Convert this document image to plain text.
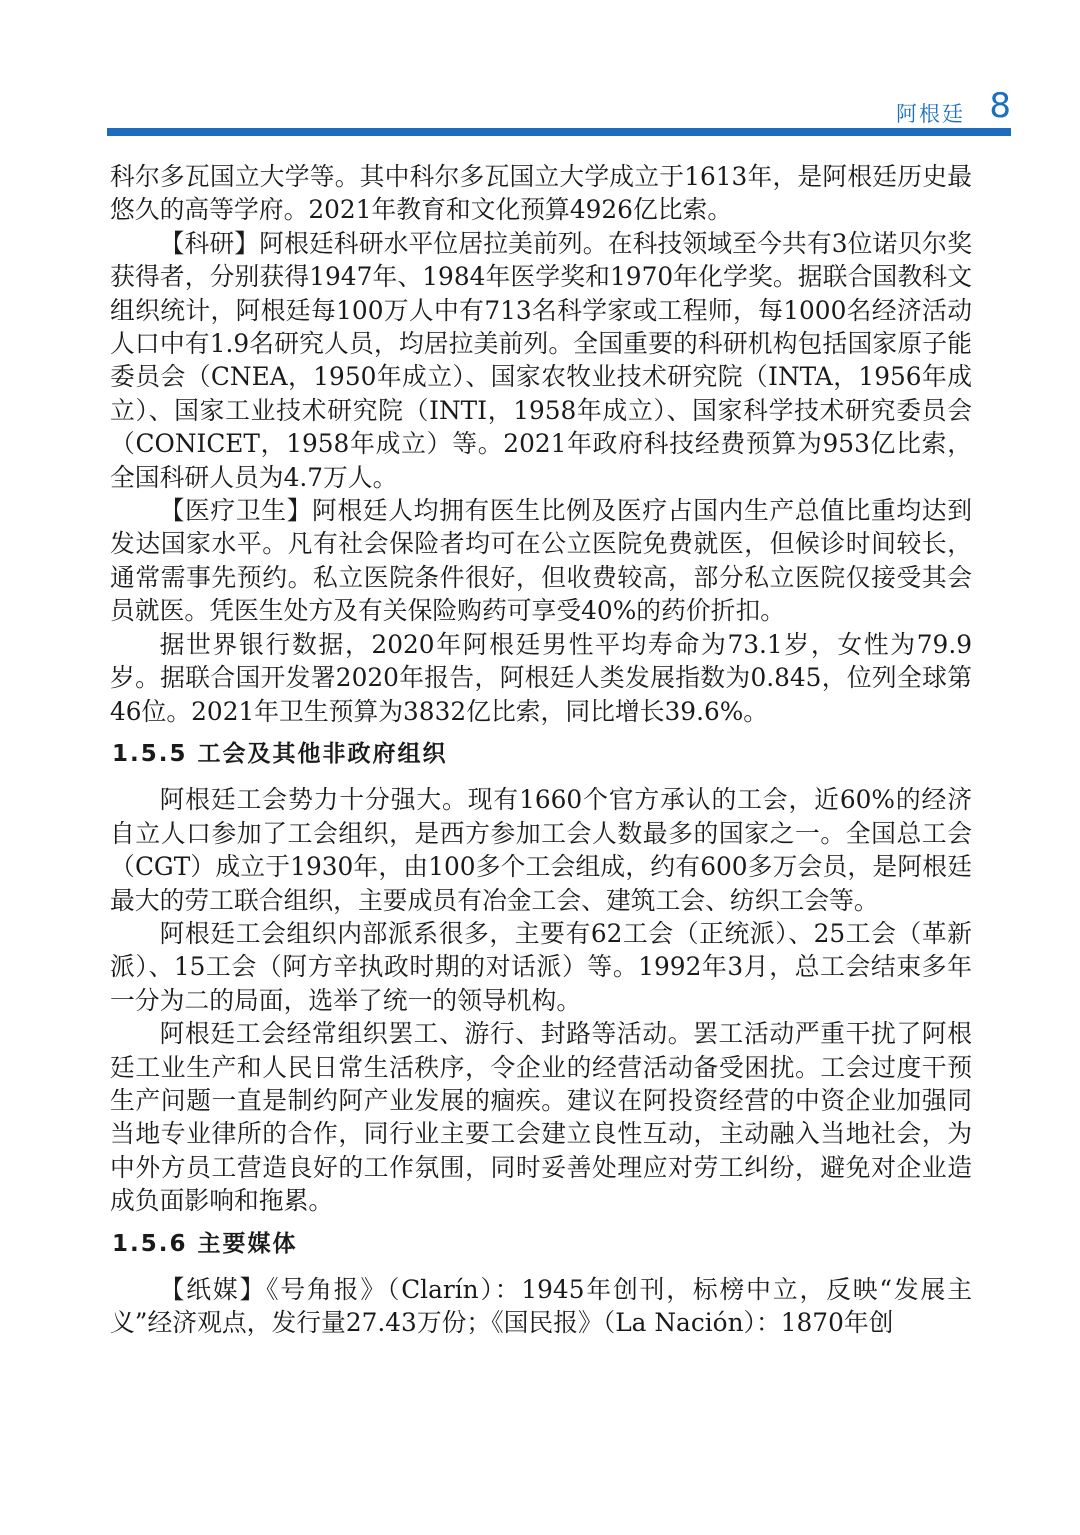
阿根廷 8

科尔多瓦国立大学等。其中科尔多瓦国立大学成立于1613年，是阿根廷历史最悠久的高等学府。2021年教育和文化预算4926亿比索。

【科研】阿根廷科研水平位居拉美前列。在科技领域至今共有3位诺贝尔奖获得者，分别获得1947年、1984年医学奖和1970年化学奖。据联合国教科文组织统计，阿根廷每100万人中有713名科学家或工程师，每1000名经济活动人口中有1.9名研究人员，均居拉美前列。全国重要的科研机构包括国家原子能委员会（CNEA，1950年成立）、国家农牧业技术研究院（INTA，1956年成立）、国家工业技术研究院（INTI，1958年成立）、国家科学技术研究委员会（CONICET，1958年成立）等。2021年政府科技经费预算为953亿比索，全国科研人员为4.7万人。

【医疗卫生】阿根廷人均拥有医生比例及医疗占国内生产总值比重均达到发达国家水平。凡有社会保险者均可在公立医院免费就医，但候诊时间较长，通常需事先预约。私立医院条件很好，但收费较高，部分私立医院仅接受其会员就医。凭医生处方及有关保险购药可享受40%的药价折扣。

据世界银行数据，2020年阿根廷男性平均寿命为73.1岁，女性为79.9岁。据联合国开发署2020年报告，阿根廷人类发展指数为0.845，位列全球第46位。2021年卫生预算为3832亿比索，同比增长39.6%。

1.5.5 工会及其他非政府组织

阿根廷工会势力十分强大。现有1660个官方承认的工会，近60%的经济自立人口参加了工会组织，是西方参加工会人数最多的国家之一。全国总工会（CGT）成立于1930年，由100多个工会组成，约有600多万会员，是阿根廷最大的劳工联合组织，主要成员有冶金工会、建筑工会、纺织工会等。

阿根廷工会组织内部派系很多，主要有62工会（正统派）、25工会（革新派）、15工会（阿方辛执政时期的对话派）等。1992年3月，总工会结束多年一分为二的局面，选举了统一的领导机构。

阿根廷工会经常组织罢工、游行、封路等活动。罢工活动严重干扰了阿根廷工业生产和人民日常生活秩序，令企业的经营活动备受困扰。工会过度干预生产问题一直是制约阿产业发展的痼疾。建议在阿投资经营的中资企业加强同当地专业律所的合作，同行业主要工会建立良性互动，主动融入当地社会，为中外方员工营造良好的工作氛围，同时妥善处理应对劳工纠纷，避免对企业造成负面影响和拖累。

1.5.6 主要媒体

【纸媒】《号角报》（Clarín）：1945年创刊，标榜中立，反映“发展主义”经济观点，发行量27.43万份；《国民报》（La Nación）：1870年创
